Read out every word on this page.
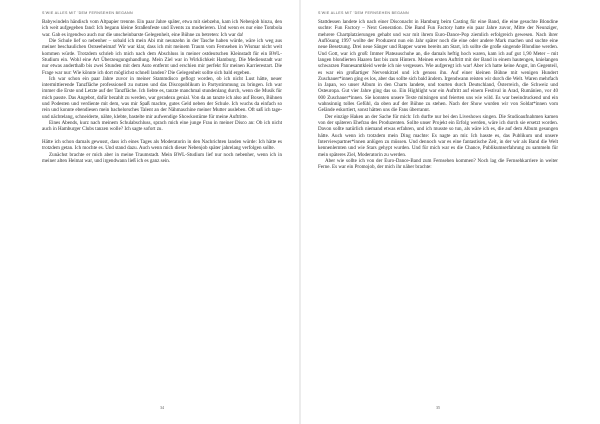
S'WIE ALLES MIT 'DEM FERNSEHEN BEGANN

Babywindeln händisch vom Altpapier trennte. Ein paar Jahre später, etwa mit siebzehn, kam ich Nebenjob hinzu, den ich weit aufgegeben fand: Ich begann kleine Straßenfeste und Events zu moderieren. Und wenn es nur eine Tombola war. Gab es irgendwo auch nur die unscheinbarste Gelegenheit, eine Bühne zu betreten: Ich war da!

Die Schule lief so nebenher – sobald ich mein Abi mit neunzehn in der Tasche haben würde, wäre ich weg aus meiner beschaulichen Ostseeheimat! Wir war klar, dass ich mit meinem Traum vom Fernsehen in Wismar nicht weit kommen würde. Trotzdem schrieb ich mich nach dem Abschluss in meiner ostdeutschen Kleinstadt für ein BWL-Studium ein. Wohl eine Art Überzeugungshandlung. Mein Ziel war in Wirklichkeit Hamburg. Die Medienstadt war nur etwas anderthalb bis zwei Stunden mit dem Auto entfernt und erschien mir perfekt für meinen Karrierestart. Die Frage war nur: Wie könnte ich dort möglichst schnell landen? Die Gelegenheit sollte sich bald ergeben.

Ich war schon ein paar Jahre zuvor in meiner Stammdisco geflogt worden, ob ich nicht Lust hätte, neuer intermittierende Tanzfläche professionell zu nutzen und das Discopublikum in Partystimmung zu bringen. Ich war immer die Erste und Letzte auf der Tanzfläche. Ich liebte es, tanzte manchmal stundenlang durch, wenn die Musik für mich passte. Das Angebot, dafür bezahlt zu werden, war geradezu genial. Von da an tanzte ich also auf Boxen, Bühnen und Podesten und verdiente mit dem, was mir Spaß machte, gutes Geld neben der Schule. Ich wuchs da einfach so rein und konnte ebendiesen mein bachelorsches Talent an der Nähmaschine meiner Mutter ausleben. Oft saß ich tage- und nächtelang, schneiderte, nähte, klebte, bastelte mir aufwendige Showkostüme für meine Auftritte.

Eines Abends, kurz nach meinem Schulabschluss, sprach mich eine junge Frau in meiner Disco an: Ob ich nicht auch in Hamburger Clubs tanzen wolle? Ich sagte sofort zu.

Hätte ich schon damals gewusst, dass ich eines Tages als Moderatorin in den Nachrichten landen würde: Ich hätte es trotzdem getan. Ich mochte es. Und stand dazu. Auch wenn mich dieser Nebenjob später jahrelang verfolgen sollte.

Zunächst brachte er mich aber in meine Traumstadt. Mein BWL-Studium lief nur noch nebenher, wenn ich in meiner alten Heimat war, und irgendwann ließ ich es ganz sein.

34
S'WIE ALLES MIT 'DEM FERNSEHEN BEGANN

Stattdessen landete ich nach einer Disconacht in Hamburg beim Casting für eine Band, die eine gesuchte Blondine suchte: Fun Factory – Next Generation. Die Band Fun Factory hatte ein paar Jahre zuvor, Mitte der Neunziger, mehrere Chartplatzierungen gehabt und war mit ihrem Euro-Dance-Pop ziemlich erfolgreich gewesen. Nach ihrer Auflösung 1997 wollte der Produzent nun ein Jahr später noch die eine oder andere Mark machen und suchte eine neue Besetzung. Drei neue Sänger und Rapper waren bereits am Start, ich sollte die große singende Blondine werden. Und Gott, war ich groß: Immer Plateauschuhe an, die damals heftig hoch waren, kam ich auf gut 1,90 Meter – mit langen blondierten Haaren fast bis zum Hintern. Meinen ersten Auftritt mit der Band in einem hautengen, knielangen schwarzen Pannesamtkleid werde ich nie vergessen. Wie aufgeregt ich war! Aber ich hatte keine Angst, im Gegenteil, es war ein großartiger Nervenkitzel und ich genoss ihn. Auf einer kleinen Bühne mit wenigen Hundert Zuschauer*innen ging es los, aber das sollte sich bald ändern. Irgendwann reisten wir durch die Welt. Waren mehrfach in Japan, wo unser Album in den Charts landete, und tourten durch Deutschland, Österreich, die Schweiz und Osteuropa. Gut vier Jahre ging das so. Ein Highlight war ein Auftritt auf einem Festival in Arad, Rumänien, vor 40 000 Zuschauer*innen. Sie konnten unsere Texte mitsingen und feierten uns wie wild. Es war beeindruckend und ein wahnsinnig tolles Gefühl, da oben auf der Bühne zu stehen. Nach der Show wurden wir von Soldat*innen vom Gelände eskortiert, sonst hätten uns die Fans überrannt.

Der einzige Haken an der Sache für mich: Ich durfte nur bei den Liveshows singen. Die Studioaufnahmen kamen von der späteren Ehefrau des Produzenten. Sollte unser Projekt ein Erfolg werden, wäre ich durch sie ersetzt worden. Davon sollte natürlich niemand etwas erfahren, und ich musste so tun, als wäre ich es, die auf dem Album gesungen hätte. Auch wenn ich trotzdem mein Ding machte: Es nagte an mir. Ich hasste es, das Publikum und unsere Interviewpartner*innen anlügen zu müssen. Und dennoch war es eine fantastische Zeit, in der wir als Band die Welt kennenlernten und wie Stars gehypt wurden. Und für mich war es die Chance, Publikumserfahrung zu sammeln für mein späteres Ziel, Moderatorin zu werden.

Aber wie sollte ich von der Euro-Dance-Band zum Fernsehen kommen? Noch lag die Fernsehkarriere in weiter Ferne. Es war ein Promojob, der mich ihr näher brachte:

35
